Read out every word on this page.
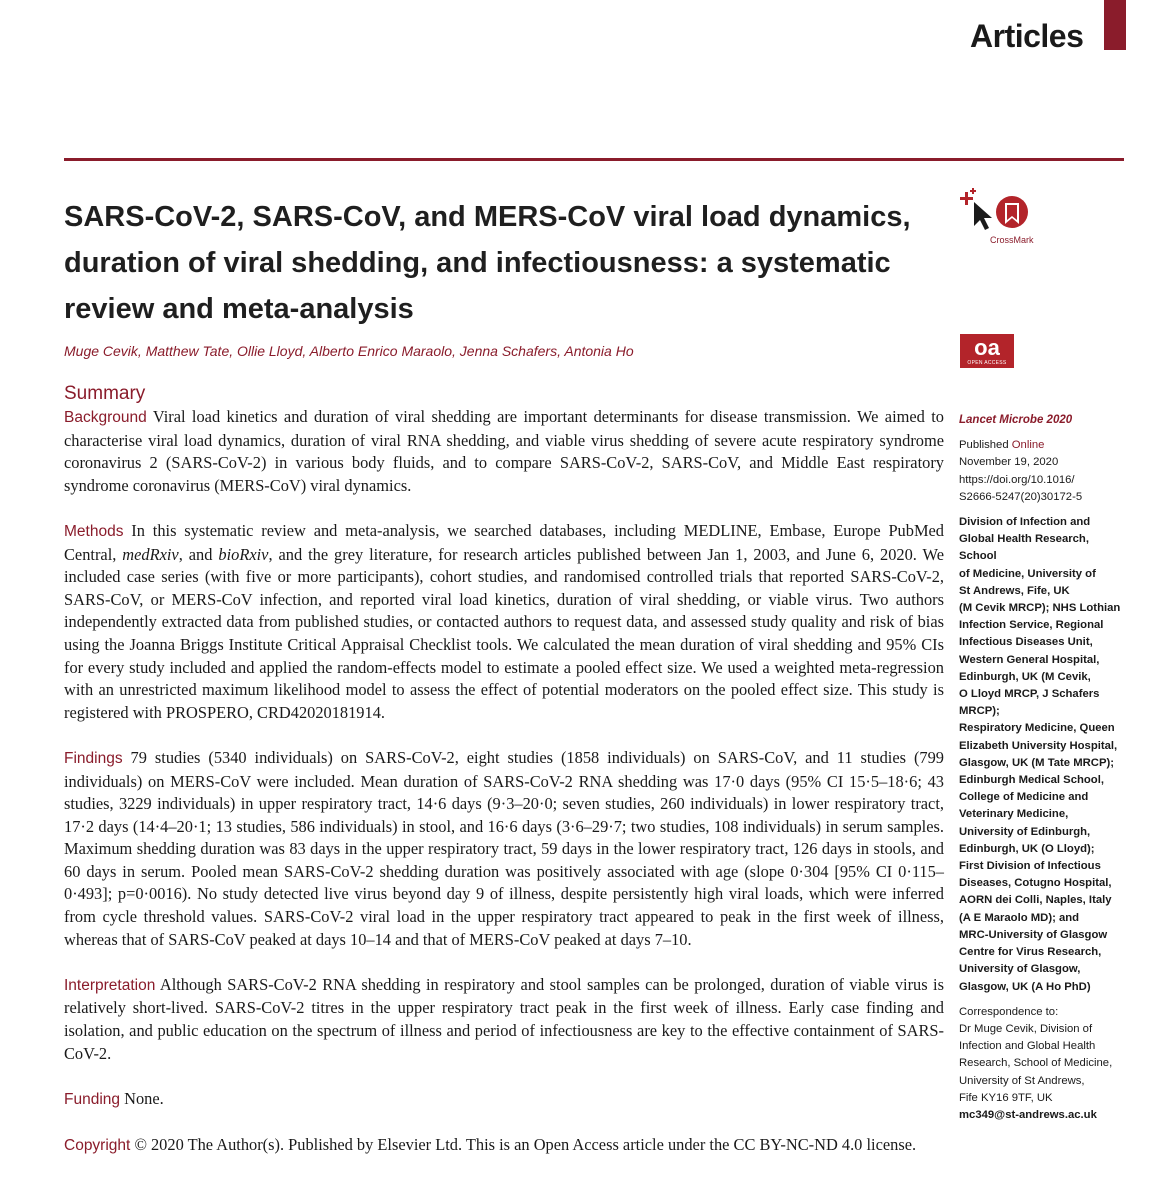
Articles
SARS-CoV-2, SARS-CoV, and MERS-CoV viral load dynamics, duration of viral shedding, and infectiousness: a systematic review and meta-analysis
CrossMark
Muge Cevik, Matthew Tate, Ollie Lloyd, Alberto Enrico Maraolo, Jenna Schafers, Antonia Ho	oa
OPEN ACCESS
Summary

Background Viral load kinetics and duration of viral shedding are important determinants for disease transmission. We aimed to characterise viral load dynamics, duration of viral RNA shedding, and viable virus shedding of severe acute respiratory syndrome coronavirus 2 (SARS-CoV-2) in various body fluids, and to compare SARS-CoV-2, SARS-CoV, and Middle East respiratory syndrome coronavirus (MERS-CoV) viral dynamics.

Methods In this systematic review and meta-analysis, we searched databases, including MEDLINE, Embase, Europe PubMed Central, medRxiv, and bioRxiv, and the grey literature, for research articles published between Jan 1, 2003, and June 6, 2020. We included case series (with five or more participants), cohort studies, and randomised controlled trials that reported SARS-CoV-2, SARS-CoV, or MERS-CoV infection, and reported viral load kinetics, duration of viral shedding, or viable virus. Two authors independently extracted data from published studies, or contacted authors to request data, and assessed study quality and risk of bias using the Joanna Briggs Institute Critical Appraisal Checklist tools. We calculated the mean duration of viral shedding and 95% CIs for every study included and applied the random-effects model to estimate a pooled effect size. We used a weighted meta-regression with an unrestricted maximum likelihood model to assess the effect of potential moderators on the pooled effect size. This study is registered with PROSPERO, CRD42020181914.

Findings 79 studies (5340 individuals) on SARS-CoV-2, eight studies (1858 individuals) on SARS-CoV, and 11 studies (799 individuals) on MERS-CoV were included. Mean duration of SARS-CoV-2 RNA shedding was 17·0 days (95% CI 15·5–18·6; 43 studies, 3229 individuals) in upper respiratory tract, 14·6 days (9·3–20·0; seven studies, 260 individuals) in lower respiratory tract, 17·2 days (14·4–20·1; 13 studies, 586 individuals) in stool, and 16·6 days (3·6–29·7; two studies, 108 individuals) in serum samples. Maximum shedding duration was 83 days in the upper respiratory tract, 59 days in the lower respiratory tract, 126 days in stools, and 60 days in serum. Pooled mean SARS-CoV-2 shedding duration was positively associated with age (slope 0·304 [95% CI 0·115–0·493]; p=0·0016). No study detected live virus beyond day 9 of illness, despite persistently high viral loads, which were inferred from cycle threshold values. SARS-CoV-2 viral load in the upper respiratory tract appeared to peak in the first week of illness, whereas that of SARS-CoV peaked at days 10–14 and that of MERS-CoV peaked at days 7–10.

Interpretation Although SARS-CoV-2 RNA shedding in respiratory and stool samples can be prolonged, duration of viable virus is relatively short-lived. SARS-CoV-2 titres in the upper respiratory tract peak in the first week of illness. Early case finding and isolation, and public education on the spectrum of illness and period of infectiousness are key to the effective containment of SARS-CoV-2.

Funding None.

Copyright © 2020 The Author(s). Published by Elsevier Ltd. This is an Open Access article under the CC BY-NC-ND 4.0 license.

Lancet Microbe 2020
Published Online
November 19, 2020
https://doi.org/10.1016/
S2666-5247(20)30172-5
Division of Infection and
Global Health Research, School
of Medicine, University of
St Andrews, Fife, UK
(M Cevik MRCP); NHS Lothian
Infection Service, Regional
Infectious Diseases Unit,
Western General Hospital,
Edinburgh, UK (M Cevik,
O Lloyd MRCP, J Schafers MRCP);
Respiratory Medicine, Queen
Elizabeth University Hospital,
Glasgow, UK (M Tate MRCP);
Edinburgh Medical School,
College of Medicine and
Veterinary Medicine,
University of Edinburgh,
Edinburgh, UK (O Lloyd);
First Division of Infectious
Diseases, Cotugno Hospital,
AORN dei Colli, Naples, Italy
(A E Maraolo MD); and
MRC-University of Glasgow
Centre for Virus Research,
University of Glasgow,
Glasgow, UK (A Ho PhD)
Correspondence to:
Dr Muge Cevik, Division of
Infection and Global Health
Research, School of Medicine,
University of St Andrews,
Fife KY16 9TF, UK
mc349@st-andrews.ac.uk
